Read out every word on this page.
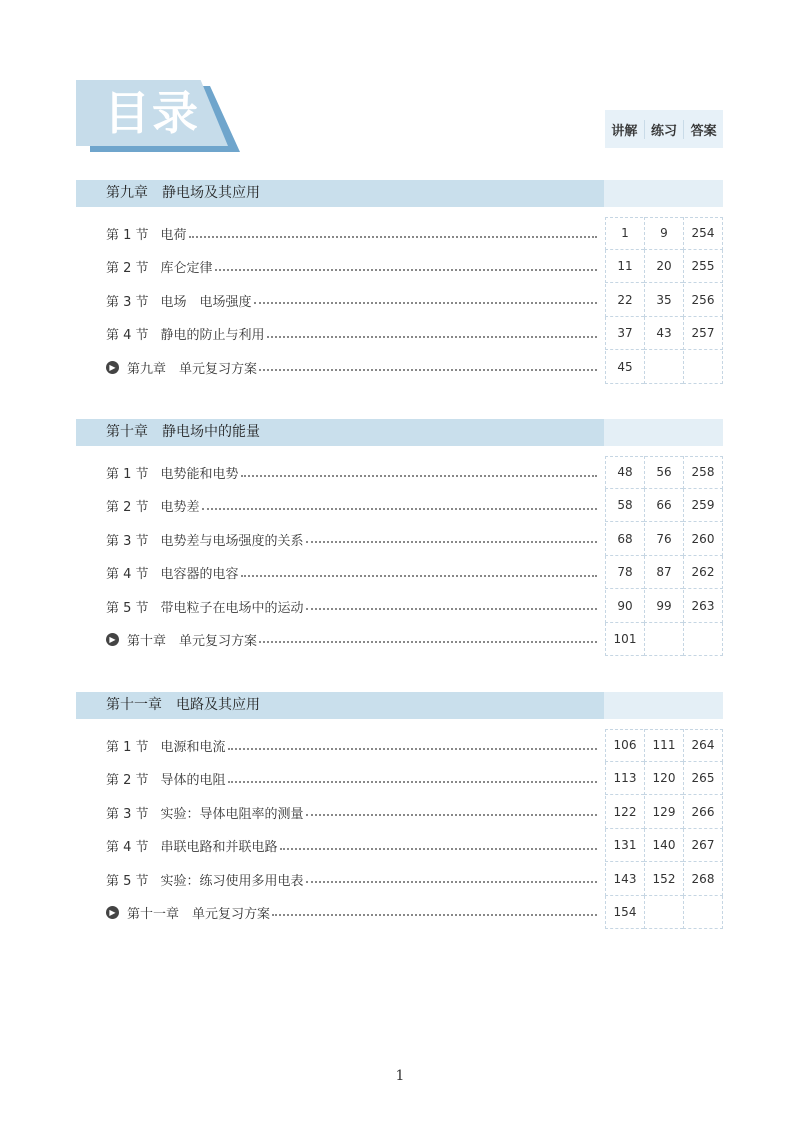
目录	讲解	练习	答案
第九章　静电场及其应用
第 1 节 电荷	1	9	254
第 2 节 库仑定律	11	20	255
第 3 节 电场　电场强度	22	35	256
第 4 节 静电的防止与利用	37	43	257
▶ 第九章　单元复习方案	45
第十章　静电场中的能量
第 1 节 电势能和电势	48	56	258
第 2 节 电势差	58	66	259
第 3 节 电势差与电场强度的关系	68	76	260
第 4 节 电容器的电容	78	87	262
第 5 节 带电粒子在电场中的运动	90	99	263
▶ 第十章　单元复习方案	101
第十一章　电路及其应用
第 1 节 电源和电流	106	111	264
第 2 节 导体的电阻	113	120	265
第 3 节 实验：导体电阻率的测量	122	129	266
第 4 节 串联电路和并联电路	131	140	267
第 5 节 实验：练习使用多用电表	143	152	268
▶ 第十一章　单元复习方案	154
1
